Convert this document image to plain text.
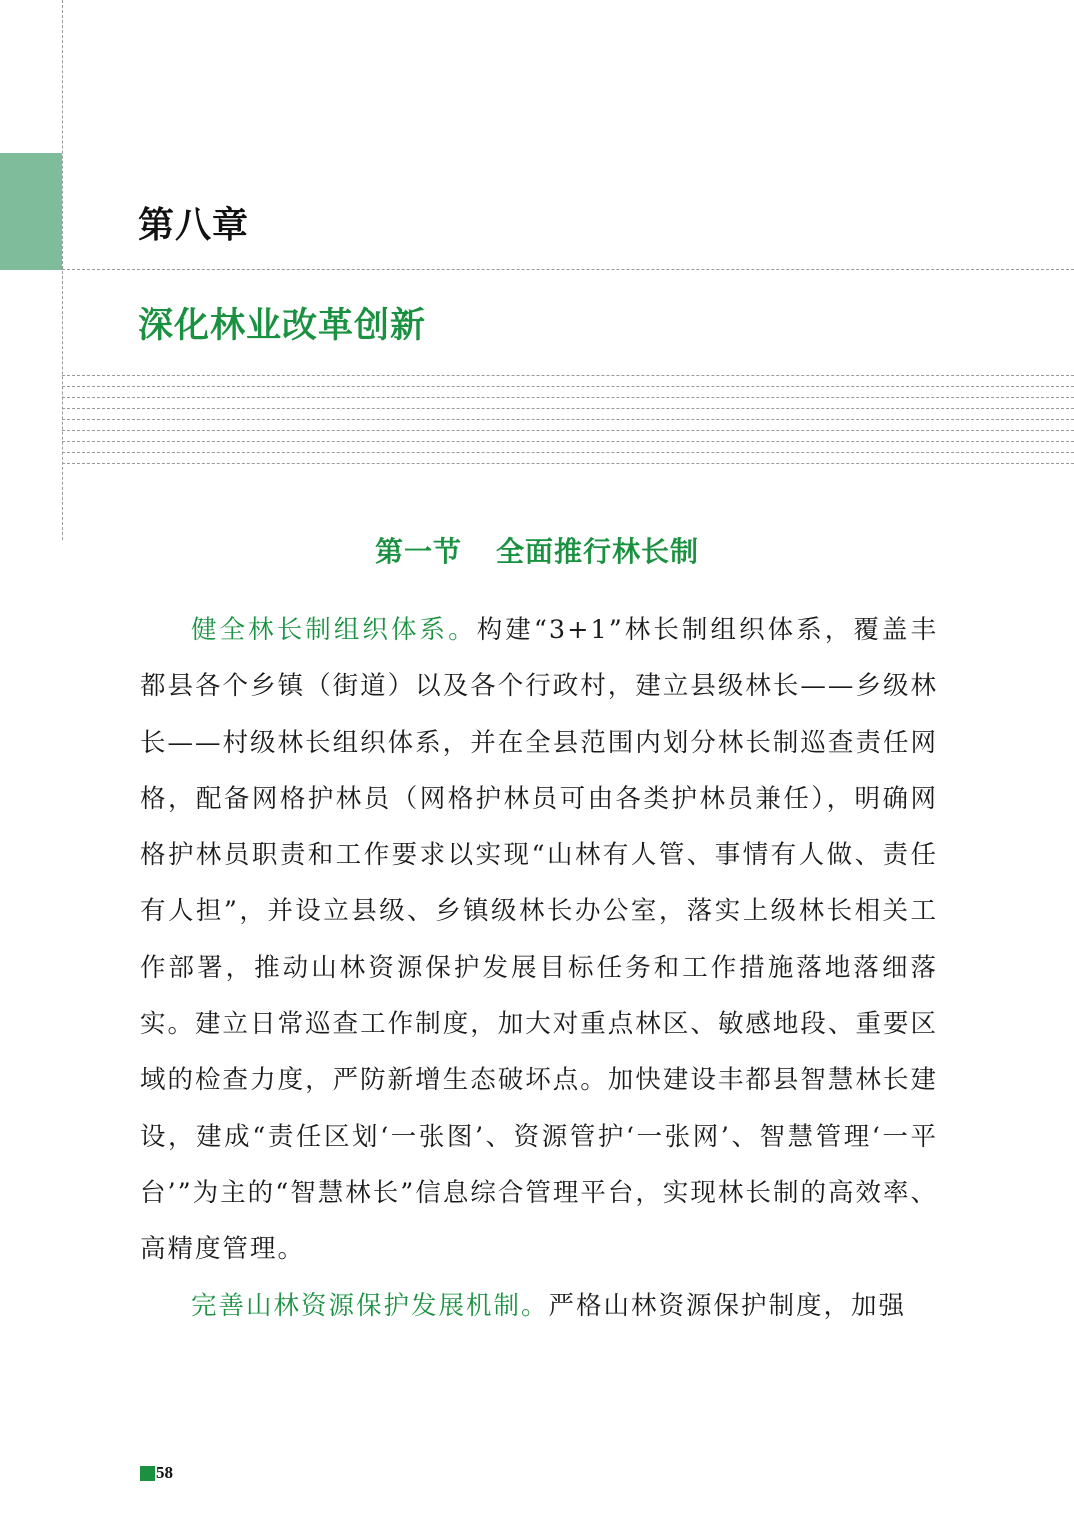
第八章
深化林业改革创新
第一节 全面推行林长制

健全林长制组织体系。构建“3+1”林长制组织体系，覆盖丰都县各个乡镇（街道）以及各个行政村，建立县级林长——乡级林长——村级林长组织体系，并在全县范围内划分林长制巡查责任网格，配备网格护林员（网格护林员可由各类护林员兼任），明确网格护林员职责和工作要求以实现“山林有人管、事情有人做、责任有人担”，并设立县级、乡镇级林长办公室，落实上级林长相关工作部署，推动山林资源保护发展目标任务和工作措施落地落细落实。建立日常巡查工作制度，加大对重点林区、敏感地段、重要区域的检查力度，严防新增生态破坏点。加快建设丰都县智慧林长建设，建成“责任区划‘一张图’、资源管护‘一张网’、智慧管理‘一平台’”为主的“智慧林长”信息综合管理平台，实现林长制的高效率、高精度管理。

完善山林资源保护发展机制。严格山林资源保护制度，加强

58
